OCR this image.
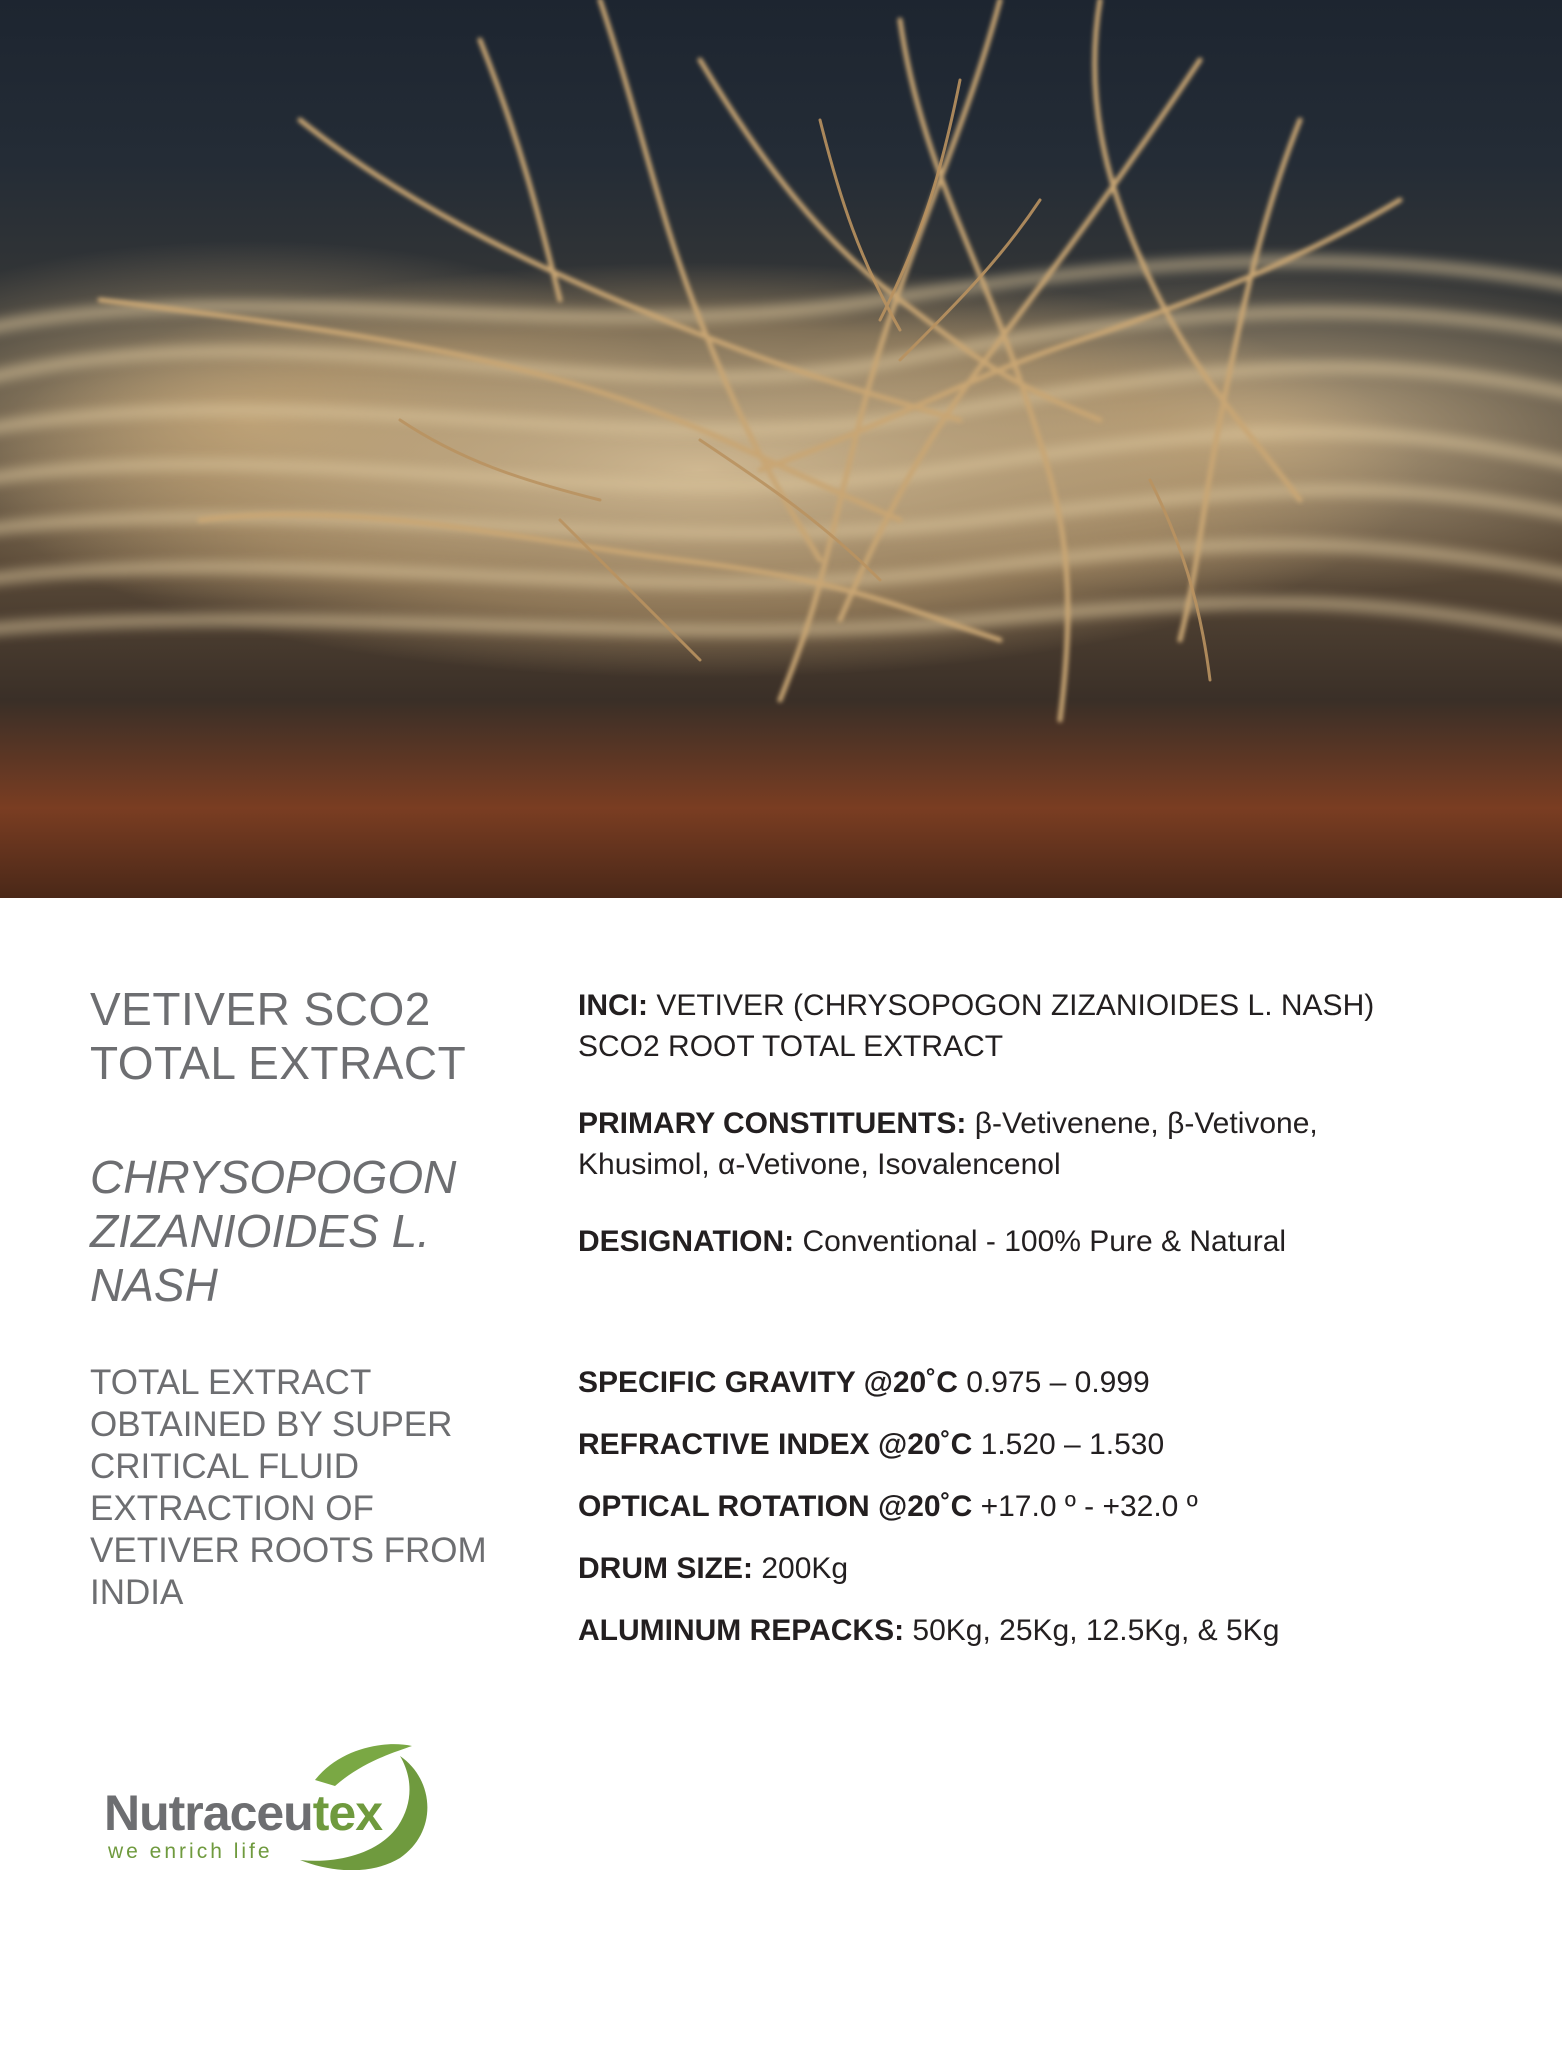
VETIVER SCO2
TOTAL EXTRACT
CHRYSOPOGON
ZIZANIOIDES L.
NASH

TOTAL EXTRACT
OBTAINED BY SUPER
CRITICAL FLUID
EXTRACTION OF
VETIVER ROOTS FROM
INDIA

INCI: VETIVER (CHRYSOPOGON ZIZANIOIDES L. NASH)
SCO2 ROOT TOTAL EXTRACT

PRIMARY CONSTITUENTS: β-Vetivenene, β-Vetivone,
Khusimol, α-Vetivone, Isovalencenol

DESIGNATION: Conventional - 100% Pure & Natural

SPECIFIC GRAVITY @20˚C 0.975 – 0.999

REFRACTIVE INDEX @20˚C 1.520 – 1.530

OPTICAL ROTATION @20˚C +17.0 º - +32.0 º

DRUM SIZE: 200Kg

ALUMINUM REPACKS: 50Kg, 25Kg, 12.5Kg, & 5Kg

Nutraceutex
we enrich life
